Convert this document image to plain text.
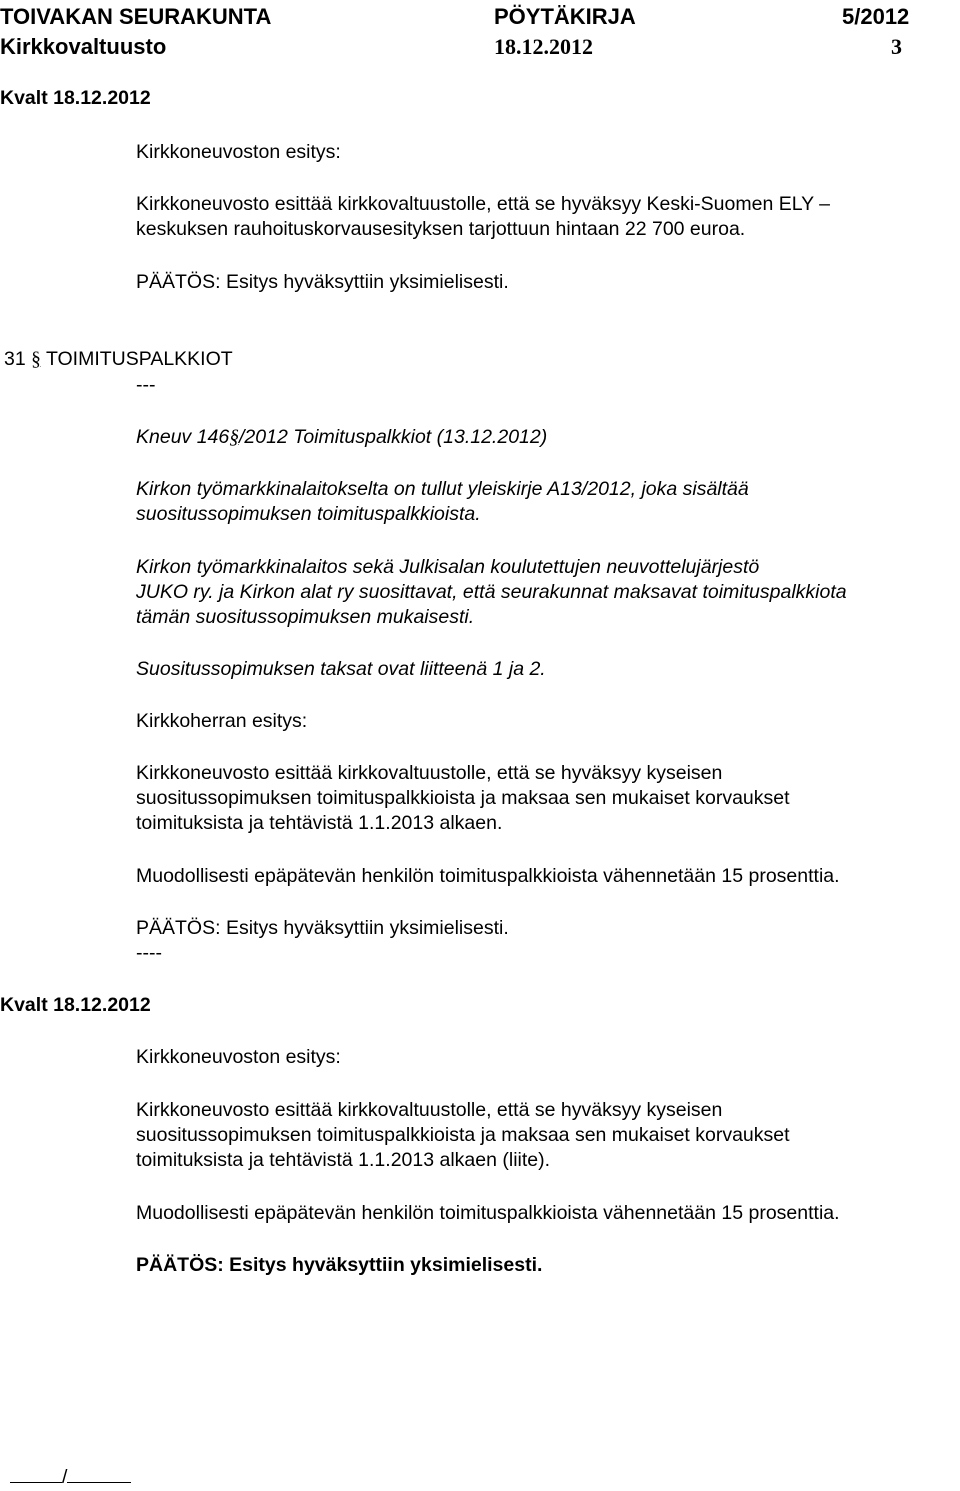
TOIVAKAN SEURAKUNTA	PÖYTÄKIRJA	5/2012
Kirkkovaltuusto	18.12.2012	3
Kvalt 18.12.2012
Kirkkoneuvoston esitys:
Kirkkoneuvosto esittää kirkkovaltuustolle, että se hyväksyy Keski-Suomen ELY –
keskuksen rauhoituskorvausesityksen tarjottuun hintaan 22 700 euroa.
PÄÄTÖS: Esitys hyväksyttiin yksimielisesti.
31 § TOIMITUSPALKKIOT
---
Kneuv 146§/2012 Toimituspalkkiot (13.12.2012)
Kirkon työmarkkinalaitokselta on tullut yleiskirje A13/2012, joka sisältää
suositussopimuksen toimituspalkkioista.
Kirkon työmarkkinalaitos sekä Julkisalan koulutettujen neuvottelujärjestö
JUKO ry. ja Kirkon alat ry suosittavat, että seurakunnat maksavat toimituspalkkiota
tämän suositussopimuksen mukaisesti.
Suositussopimuksen taksat ovat liitteenä 1 ja 2.
Kirkkoherran esitys:
Kirkkoneuvosto esittää kirkkovaltuustolle, että se hyväksyy kyseisen
suositussopimuksen toimituspalkkioista ja maksaa sen mukaiset korvaukset
toimituksista ja tehtävistä 1.1.2013 alkaen.
Muodollisesti epäpätevän henkilön toimituspalkkioista vähennetään 15 prosenttia.
PÄÄTÖS: Esitys hyväksyttiin yksimielisesti.
----
Kvalt 18.12.2012
Kirkkoneuvoston esitys:
Kirkkoneuvosto esittää kirkkovaltuustolle, että se hyväksyy kyseisen
suositussopimuksen toimituspalkkioista ja maksaa sen mukaiset korvaukset
toimituksista ja tehtävistä 1.1.2013 alkaen (liite).
Muodollisesti epäpätevän henkilön toimituspalkkioista vähennetään 15 prosenttia.
PÄÄTÖS: Esitys hyväksyttiin yksimielisesti.
/
